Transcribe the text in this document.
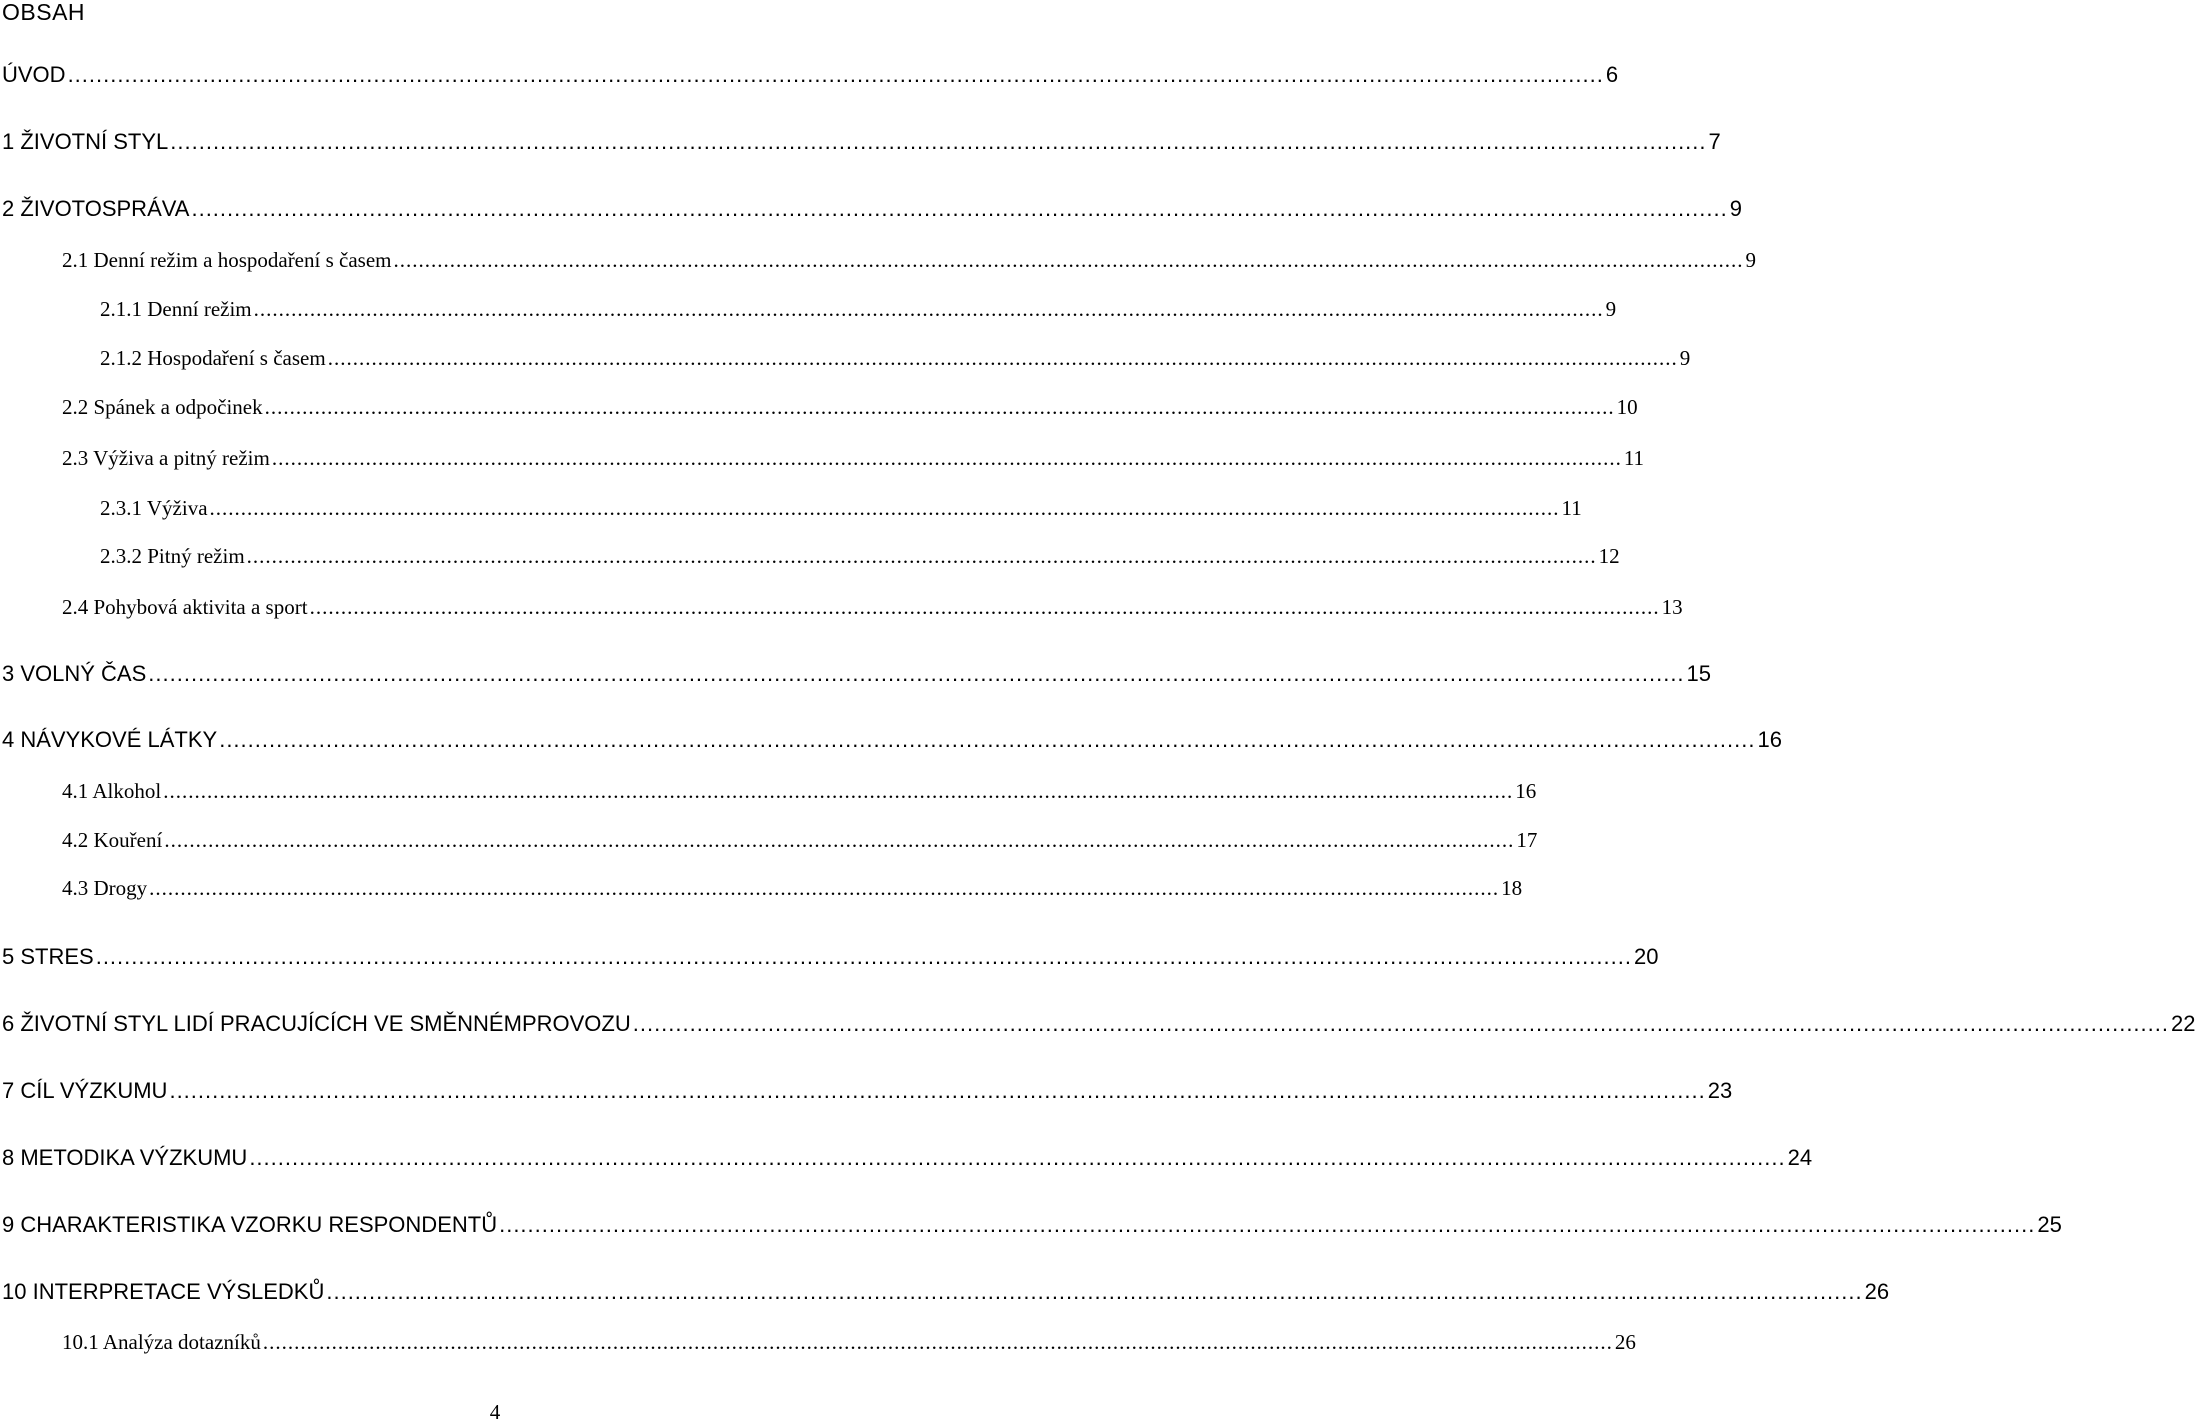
OBSAH
ÚVOD ........................................................................................................................................................................................................................ 6
1 ŽIVOTNÍ STYL ........................................................................................................................................................................................................................ 7
2 ŽIVOTOSPRÁVA ........................................................................................................................................................................................................................ 9
2.1 Denní režim a hospodaření s časem ........................................................................................................................................................................................................................ 9
2.1.1 Denní režim ........................................................................................................................................................................................................................ 9
2.1.2 Hospodaření s časem ........................................................................................................................................................................................................................ 9
2.2 Spánek a odpočinek ........................................................................................................................................................................................................................ 10
2.3 Výživa a pitný režim ........................................................................................................................................................................................................................ 11
2.3.1 Výživa ........................................................................................................................................................................................................................ 11
2.3.2 Pitný režim ........................................................................................................................................................................................................................ 12
2.4 Pohybová aktivita a sport ........................................................................................................................................................................................................................ 13
3 VOLNÝ ČAS ........................................................................................................................................................................................................................ 15
4 NÁVYKOVÉ LÁTKY ........................................................................................................................................................................................................................ 16
4.1 Alkohol ........................................................................................................................................................................................................................ 16
4.2 Kouření ........................................................................................................................................................................................................................ 17
4.3 Drogy ........................................................................................................................................................................................................................ 18
5 STRES ........................................................................................................................................................................................................................ 20
6 ŽIVOTNÍ STYL LIDÍ PRACUJÍCÍCH VE SMĚNNÉM PROVOZU ........................................................................................................................................................................................................................ 22
7 CÍL VÝZKUMU ........................................................................................................................................................................................................................ 23
8 METODIKA VÝZKUMU ........................................................................................................................................................................................................................ 24
9 CHARAKTERISTIKA VZORKU RESPONDENTŮ ........................................................................................................................................................................................................................ 25
10 INTERPRETACE VÝSLEDKŮ ........................................................................................................................................................................................................................ 26
10.1 Analýza dotazníků ........................................................................................................................................................................................................................ 26
4
